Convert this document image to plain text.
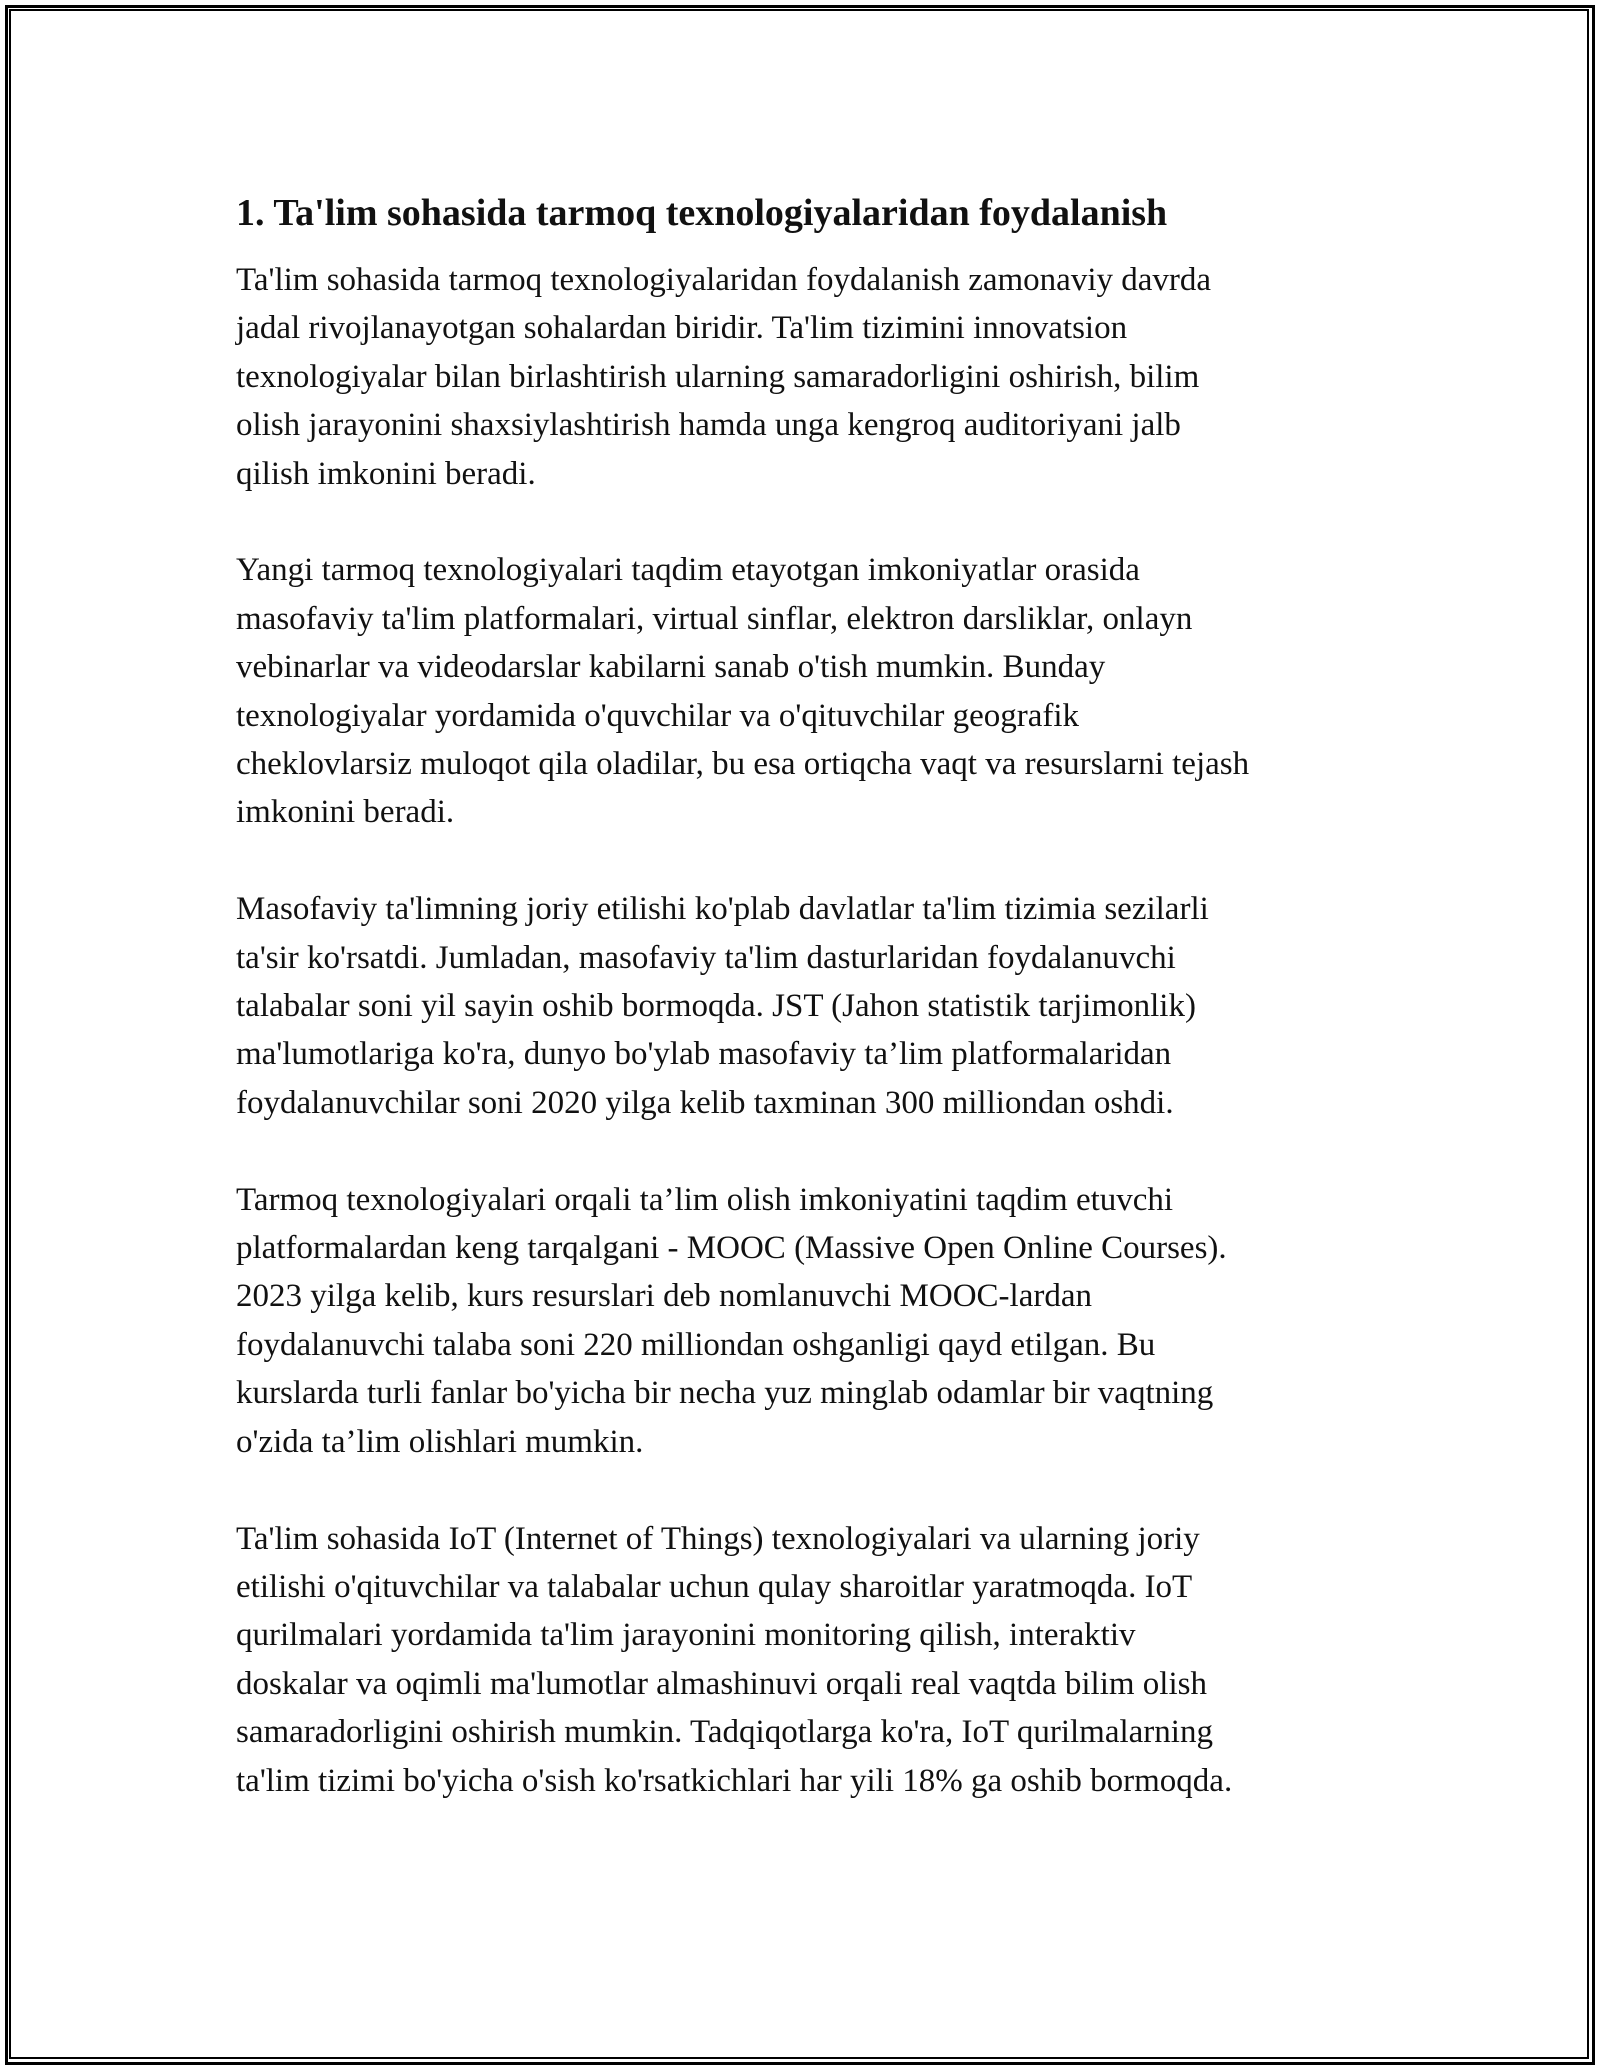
1. Ta'lim sohasida tarmoq texnologiyalaridan foydalanish

Ta'lim sohasida tarmoq texnologiyalaridan foydalanish zamonaviy davrda
jadal rivojlanayotgan sohalardan biridir. Ta'lim tizimini innovatsion
texnologiyalar bilan birlashtirish ularning samaradorligini oshirish, bilim
olish jarayonini shaxsiylashtirish hamda unga kengroq auditoriyani jalb
qilish imkonini beradi.

Yangi tarmoq texnologiyalari taqdim etayotgan imkoniyatlar orasida
masofaviy ta'lim platformalari, virtual sinflar, elektron darsliklar, onlayn
vebinarlar va videodarslar kabilarni sanab o'tish mumkin. Bunday
texnologiyalar yordamida o'quvchilar va o'qituvchilar geografik
cheklovlarsiz muloqot qila oladilar, bu esa ortiqcha vaqt va resurslarni tejash
imkonini beradi.

Masofaviy ta'limning joriy etilishi ko'plab davlatlar ta'lim tizimia sezilarli
ta'sir ko'rsatdi. Jumladan, masofaviy ta'lim dasturlaridan foydalanuvchi
talabalar soni yil sayin oshib bormoqda. JST (Jahon statistik tarjimonlik)
ma'lumotlariga ko'ra, dunyo bo'ylab masofaviy ta’lim platformalaridan
foydalanuvchilar soni 2020 yilga kelib taxminan 300 milliondan oshdi.

Tarmoq texnologiyalari orqali ta’lim olish imkoniyatini taqdim etuvchi
platformalardan keng tarqalgani - MOOC (Massive Open Online Courses).
2023 yilga kelib, kurs resurslari deb nomlanuvchi MOOC-lardan
foydalanuvchi talaba soni 220 milliondan oshganligi qayd etilgan. Bu
kurslarda turli fanlar bo'yicha bir necha yuz minglab odamlar bir vaqtning
o'zida ta’lim olishlari mumkin.

Ta'lim sohasida IoT (Internet of Things) texnologiyalari va ularning joriy
etilishi o'qituvchilar va talabalar uchun qulay sharoitlar yaratmoqda. IoT
qurilmalari yordamida ta'lim jarayonini monitoring qilish, interaktiv
doskalar va oqimli ma'lumotlar almashinuvi orqali real vaqtda bilim olish
samaradorligini oshirish mumkin. Tadqiqotlarga ko'ra, IoT qurilmalarning
ta'lim tizimi bo'yicha o'sish ko'rsatkichlari har yili 18% ga oshib bormoqda.
